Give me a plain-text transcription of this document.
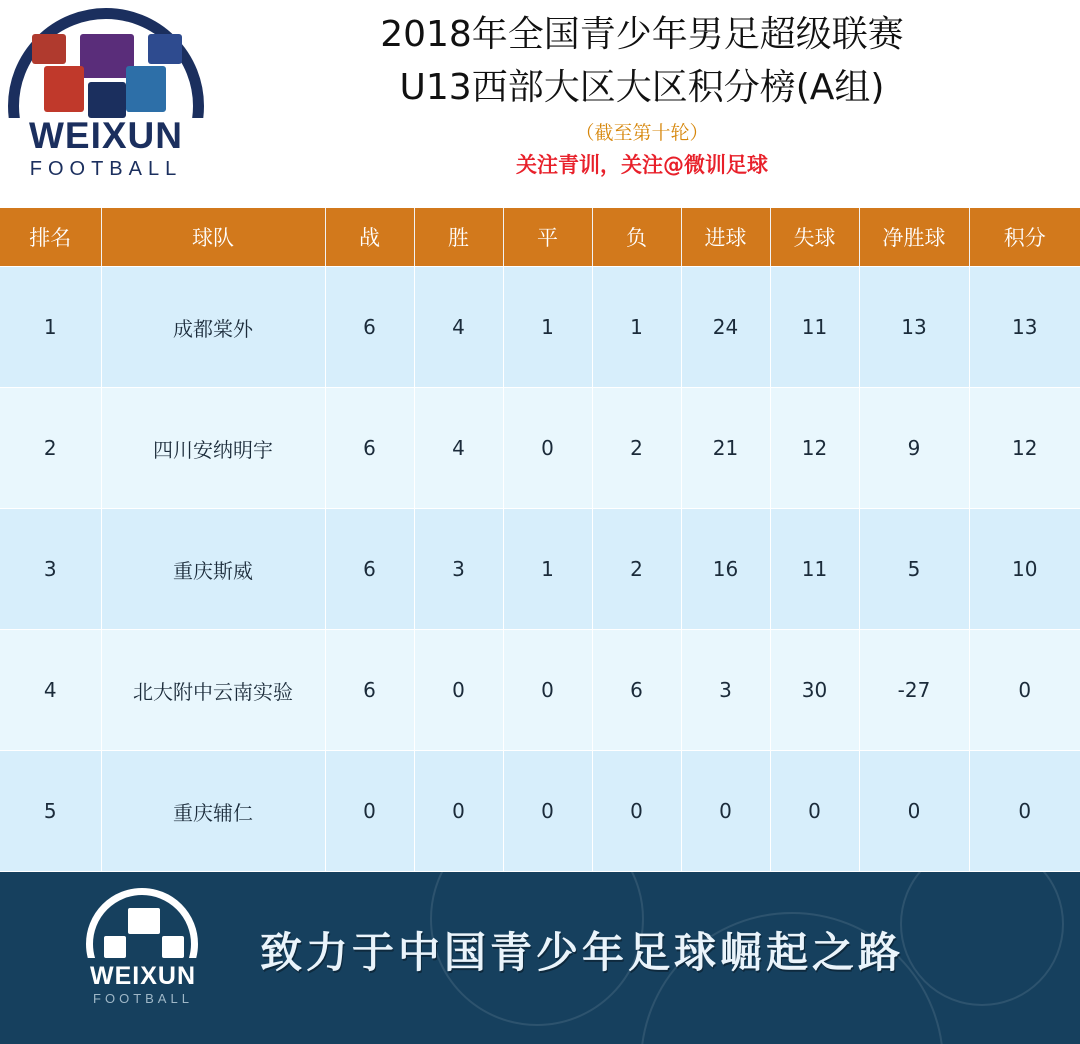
WEIXUN
FOOTBALL
2018年全国青少年男足超级联赛
U13西部大区大区积分榜(A组)
（截至第十轮）
关注青训，关注@微训足球
排名	球队	战	胜	平	负	进球	失球	净胜球	积分
1	成都棠外	6	4	1	1	24	11	13	13
2	四川安纳明宇	6	4	0	2	21	12	9	12
3	重庆斯威	6	3	1	2	16	11	5	10
4	北大附中云南实验	6	0	0	6	3	30	-27	0
5	重庆辅仁	0	0	0	0	0	0	0	0
WEIXUN
FOOTBALL
致力于中国青少年足球崛起之路
